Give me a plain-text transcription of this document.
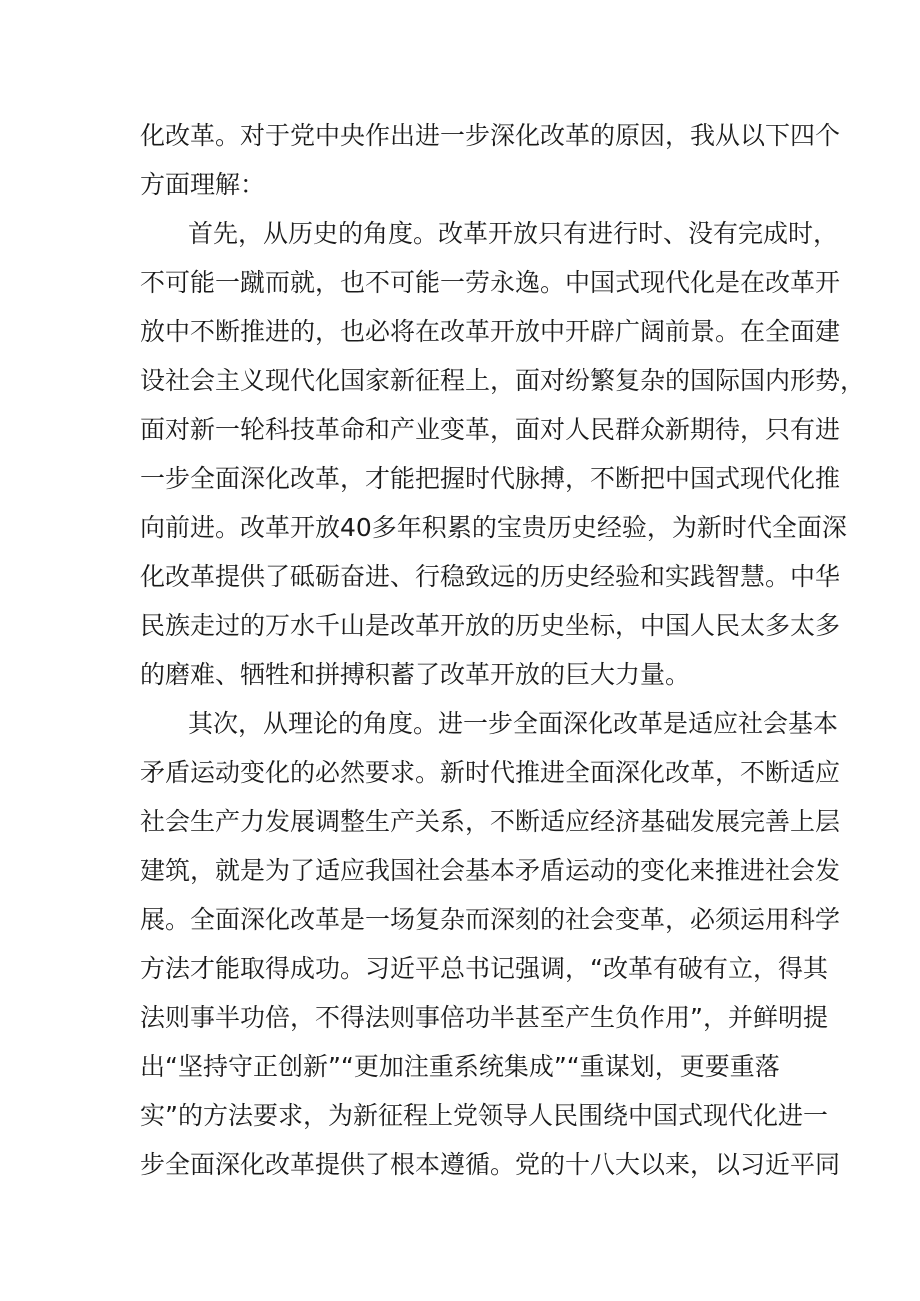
化改革。对于党中央作出进一步深化改革的原因，我从以下四个
方面理解：
首先，从历史的角度。改革开放只有进行时、没有完成时，
不可能一蹴而就，也不可能一劳永逸。中国式现代化是在改革开
放中不断推进的，也必将在改革开放中开辟广阔前景。在全面建
设社会主义现代化国家新征程上，面对纷繁复杂的国际国内形势，
面对新一轮科技革命和产业变革，面对人民群众新期待，只有进
一步全面深化改革，才能把握时代脉搏，不断把中国式现代化推
向前进。改革开放40多年积累的宝贵历史经验，为新时代全面深
化改革提供了砥砺奋进、行稳致远的历史经验和实践智慧。中华
民族走过的万水千山是改革开放的历史坐标，中国人民太多太多
的磨难、牺牲和拼搏积蓄了改革开放的巨大力量。
其次，从理论的角度。进一步全面深化改革是适应社会基本
矛盾运动变化的必然要求。新时代推进全面深化改革，不断适应
社会生产力发展调整生产关系，不断适应经济基础发展完善上层
建筑，就是为了适应我国社会基本矛盾运动的变化来推进社会发
展。全面深化改革是一场复杂而深刻的社会变革，必须运用科学
方法才能取得成功。习近平总书记强调，“改革有破有立，得其
法则事半功倍，不得法则事倍功半甚至产生负作用”，并鲜明提
出“坚持守正创新”“更加注重系统集成”“重谋划，更要重落
实”的方法要求，为新征程上党领导人民围绕中国式现代化进一
步全面深化改革提供了根本遵循。党的十八大以来，以习近平同
